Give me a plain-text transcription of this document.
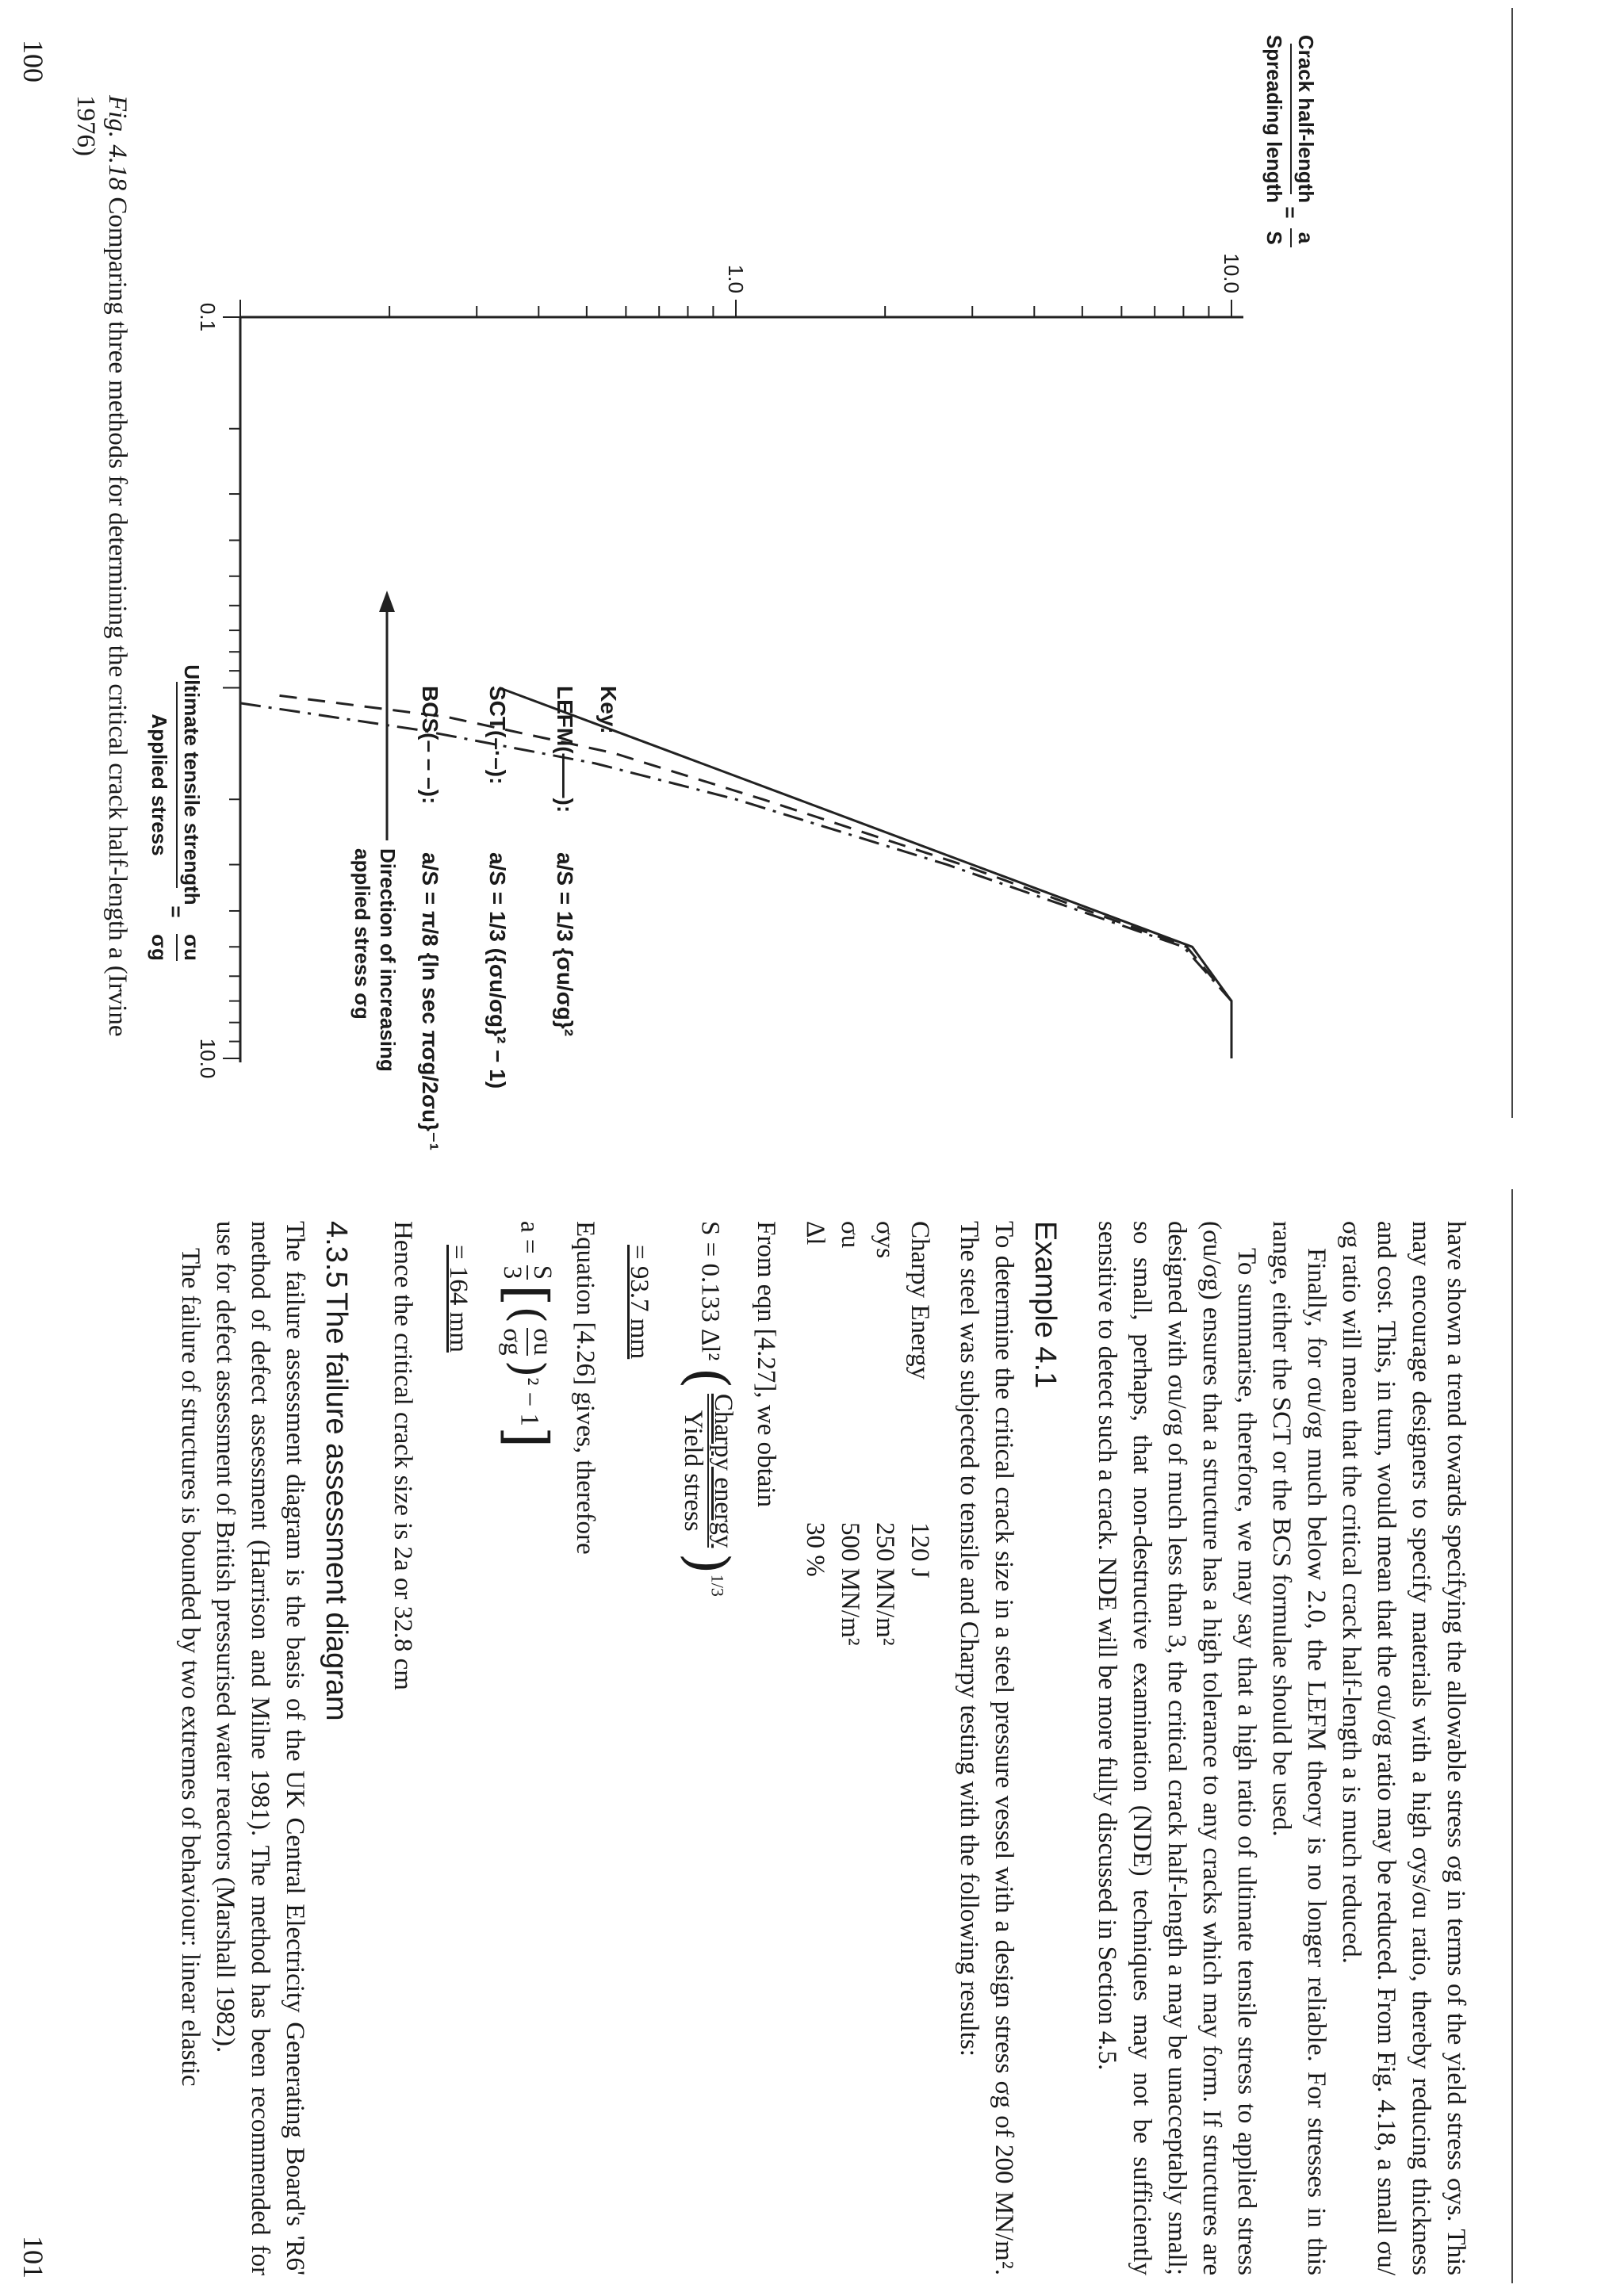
0.1
10.0
1.0	10.0
Crack half-length
Spreading length
=
a
S
Ultimate tensile strength
Applied stress
=
σu
σg	Direction of increasing
applied stress σg
Key:
LEFM(——):
a/S = 1/3 {σu/σg}²
SCT(–·–):
a/S = 1/3 ({σu/σg}² − 1)
BCS(– – –):
a/S = π/8 {ln sec πσg/2σu}⁻¹
Fig. 4.18 Comparing three methods for determining the critical crack half-length a (Irvine 1976)
100

have shown a trend towards specifying the allowable stress σg in terms of the yield stress σys. This may encourage designers to specify materials with a high σys/σu ratio, thereby reducing thickness and cost. This, in turn, would mean that the σu/σg ratio may be reduced. From Fig. 4.18, a small σu/σg ratio will mean that the critical crack half-length a is much reduced.

Finally, for σu/σg much below 2.0, the LEFM theory is no longer reliable. For stresses in this range, either the SCT or the BCS formulae should be used.

To summarise, therefore, we may say that a high ratio of ultimate tensile stress to applied stress (σu/σg) ensures that a structure has a high tolerance to any cracks which may form. If structures are designed with σu/σg of much less than 3, the critical crack half-length a may be unacceptably small; so small, perhaps, that non-destructive examination (NDE) techniques may not be sufficiently sensitive to detect such a crack. NDE will be more fully discussed in Section 4.5.

Example 4.1

To determine the critical crack size in a steel pressure vessel with a design stress σg of 200 MN/m². The steel was subjected to tensile and Charpy testing with the following results:

Charpy Energy	120 J
σys	250 MN/m²
σu	500 MN/m²
Δl	30 %

From eqn [4.27], we obtain

S = 0.133 Δl² (
Charpy energy
Yield stress
)$^{1/3}$
= 93.7 mm

Equation [4.26] gives, therefore

a =
S
3
[(
σu
σg
)² − 1]
= 164 mm

Hence the critical crack size is 2a or 32.8 cm

4.3.5The failure assessment diagram

The failure assessment diagram is the basis of the UK Central Electricity Generating Board's 'R6' method of defect assessment (Harrison and Milne 1981). The method has been recommended for use for defect assessment of British pressurised water reactors (Marshall 1982).

The failure of structures is bounded by two extremes of behaviour: linear elastic

101
